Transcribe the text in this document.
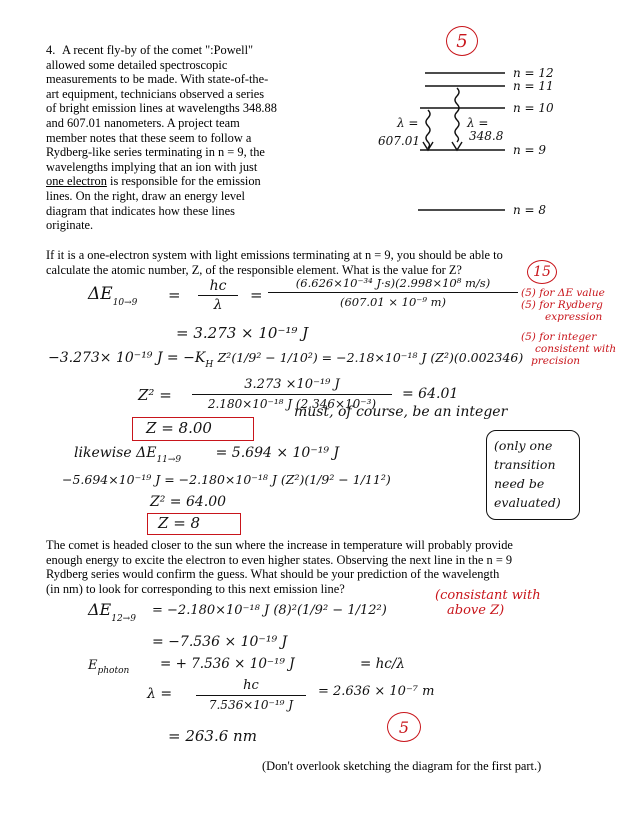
4. A recent fly-by of the comet ":Powell"
allowed some detailed spectroscopic
measurements to be made. With state-of-the-
art equipment, technicians observed a series
of bright emission lines at wavelengths 348.88
and 607.01 nanometers. A project team
member notes that these seem to follow a
Rydberg-like series terminating in n = 9, the
wavelengths implying that an ion with just
one electron is responsible for the emission
lines. On the right, draw an energy level
diagram that indicates how these lines
originate.
5
n = 12
n = 11
n = 10
n = 9
n = 8
λ =
607.01
λ =
348.8
If it is a one-electron system with light emissions terminating at n = 9, you should be able to
calculate the atomic number, Z, of the responsible element. What is the value for Z?	15
(5) for ΔE value
(5) for Rydberg
expression
(5) for integer
consistent with
precision
$\Delta E_{10\to 9}$ =	hc
λ
=
(6.626×10⁻³⁴ J·s)(2.998×10⁸ m/s)
(607.01 × 10⁻⁹ m)
= 3.273 × 10⁻¹⁹ J
−3.273× 10⁻¹⁹ $J = -K_H$ Z²(1/9² − 1/10²) = −2.18×10⁻¹⁸ J (Z²)(0.002346)
Z² =
3.273 ×10⁻¹⁹ J
2.180×10⁻¹⁸ J (2.346×10⁻³)
= 64.01
Z = 8.00
must, of course, be an integer
likewise $\Delta E_{11\to 9} = 5.694 \times 10^{-19}$ J
−5.694×10⁻¹⁹ J = −2.180×10⁻¹⁸ J (Z²)(1/9² − 1/11²)
Z² = 64.00
Z = 8
(only one
transition
need be
evaluated)
The comet is headed closer to the sun where the increase in temperature will probably provide
enough energy to excite the electron to even higher states. Observing the next line in the n = 9
Rydberg series would confirm the guess. What should be your prediction of the wavelength
(in nm) to look for corresponding to this next emission line?
$\Delta E_{12\to 9}$
= −2.180×10⁻¹⁸ J (8)²(1/9² − 1/12²)
(consistant with
above Z)
= −7.536 × 10⁻¹⁹ J
$E_{photon}$ = + 7.536 × 10⁻¹⁹ J	= hc/λ
λ =
hc
7.536×10⁻¹⁹ J
= 2.636 × 10⁻⁷ m
= 263.6 nm	5
(Don't overlook sketching the diagram for the first part.)
